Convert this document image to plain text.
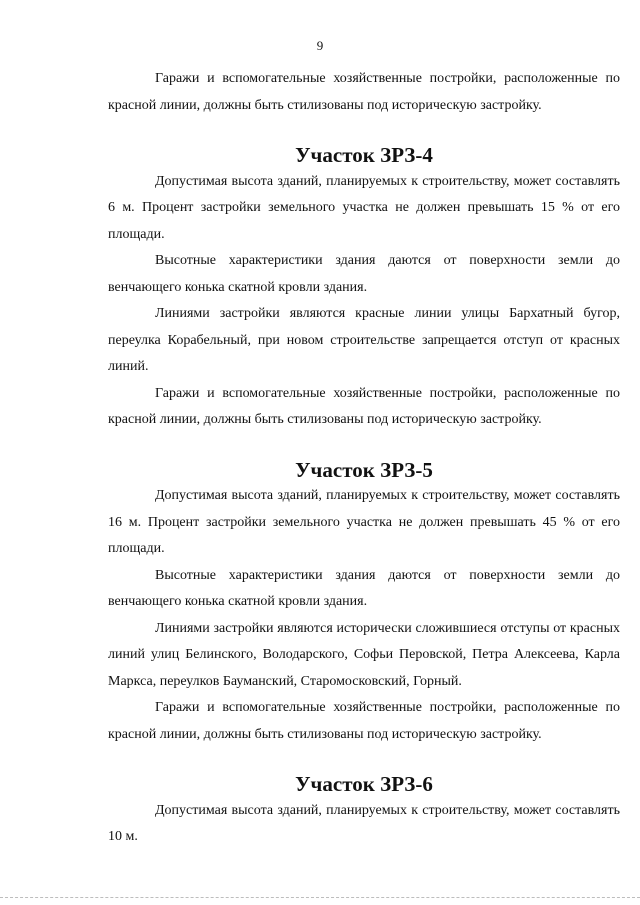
9

Гаражи и вспомогательные хозяйственные постройки, расположенные по красной линии, должны быть стилизованы под историческую застройку.

Участок ЗРЗ-4

Допустимая высота зданий, планируемых к строительству, может составлять 6 м. Процент застройки земельного участка не должен превышать 15 % от его площади.

Высотные характеристики здания даются от поверхности земли до венчающего конька скатной кровли здания.

Линиями застройки являются красные линии улицы Бархатный бугор, переулка Корабельный, при новом строительстве запрещается отступ от красных линий.

Гаражи и вспомогательные хозяйственные постройки, расположенные по красной линии, должны быть стилизованы под историческую застройку.

Участок ЗРЗ-5

Допустимая высота зданий, планируемых к строительству, может составлять 16 м. Процент застройки земельного участка не должен превышать 45 % от его площади.

Высотные характеристики здания даются от поверхности земли до венчающего конька скатной кровли здания.

Линиями застройки являются исторически сложившиеся отступы от красных линий улиц Белинского, Володарского, Софьи Перовской, Петра Алексеева, Карла Маркса, переулков Бауманский, Старомосковский, Горный.

Гаражи и вспомогательные хозяйственные постройки, расположенные по красной линии, должны быть стилизованы под историческую застройку.

Участок ЗРЗ-6

Допустимая высота зданий, планируемых к строительству, может составлять 10 м.
